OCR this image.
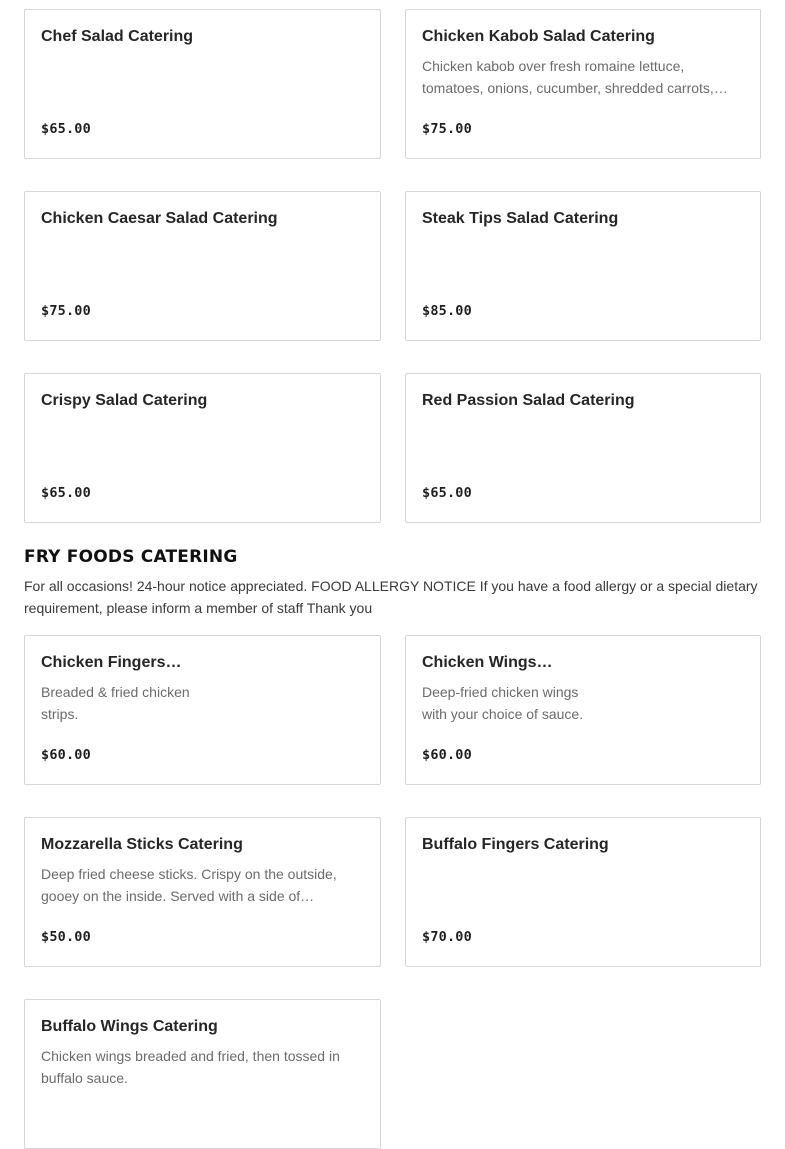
Chef Salad Catering
$65.00
Chicken Kabob Salad Catering
Chicken kabob over fresh romaine lettuce, tomatoes, onions, cucumber, shredded carrots,…
$75.00
Chicken Caesar Salad Catering
$75.00
Steak Tips Salad Catering
$85.00
Crispy Salad Catering
$65.00
Red Passion Salad Catering
$65.00
FRY FOODS CATERING
For all occasions! 24-hour notice appreciated. FOOD ALLERGY NOTICE If you have a food allergy or a special dietary requirement, please inform a member of staff Thank you
Chicken Fingers…
Breaded & fried chicken strips.
$60.00
Chicken Wings…
Deep-fried chicken wings with your choice of sauce.
$60.00
Mozzarella Sticks Catering
Deep fried cheese sticks. Crispy on the outside, gooey on the inside. Served with a side of…
$50.00
Buffalo Fingers Catering
$70.00
Buffalo Wings Catering
Chicken wings breaded and fried, then tossed in buffalo sauce.
